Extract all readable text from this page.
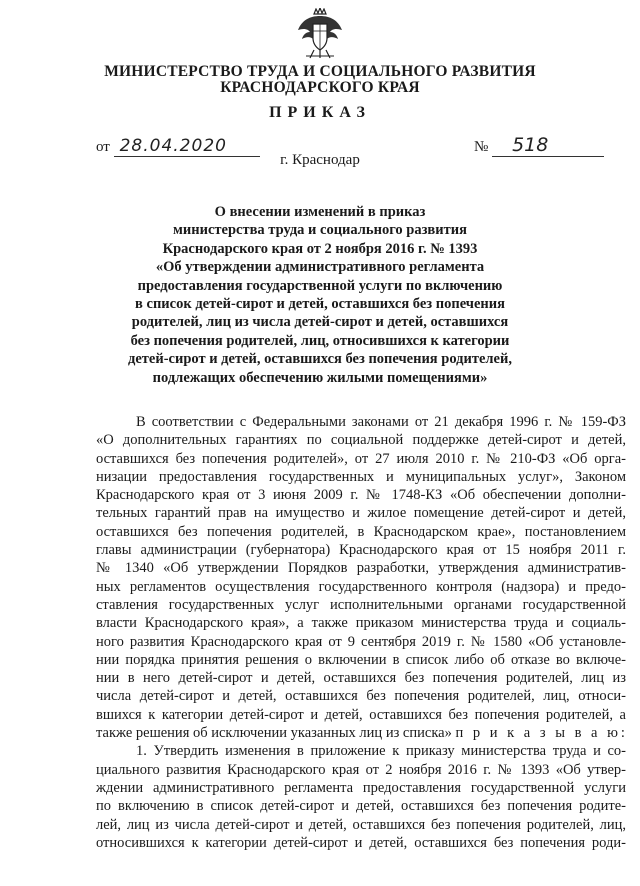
МИНИСТЕРСТВО ТРУДА И СОЦИАЛЬНОГО РАЗВИТИЯ
КРАСНОДАРСКОГО КРАЯ
ПРИКАЗ
от 28.04.2020	№ 518
г. Краснодар
О внесении изменений в приказ
министерства труда и социального развития
Краснодарского края от 2 ноября 2016 г. № 1393
«Об утверждении административного регламента
предоставления государственной услуги по включению
в список детей-сирот и детей, оставшихся без попечения
родителей, лиц из числа детей-сирот и детей, оставшихся
без попечения родителей, лиц, относившихся к категории
детей-сирот и детей, оставшихся без попечения родителей,
подлежащих обеспечению жилыми помещениями»
В соответствии с Федеральными законами от 21 декабря 1996 г. № 159-ФЗ
«О дополнительных гарантиях по социальной поддержке детей-сирот и детей,
оставшихся без попечения родителей», от 27 июля 2010 г. № 210-ФЗ «Об орга-
низации предоставления государственных и муниципальных услуг», Законом
Краснодарского края от 3 июня 2009 г. № 1748-КЗ «Об обеспечении дополни-
тельных гарантий прав на имущество и жилое помещение детей-сирот и детей,
оставшихся без попечения родителей, в Краснодарском крае», постановлением
главы администрации (губернатора) Краснодарского края от 15 ноября 2011 г.
№ 1340 «Об утверждении Порядков разработки, утверждения административ-
ных регламентов осуществления государственного контроля (надзора) и предо-
ставления государственных услуг исполнительными органами государственной
власти Краснодарского края», а также приказом министерства труда и социаль-
ного развития Краснодарского края от 9 сентября 2019 г. № 1580 «Об установле-
нии порядка принятия решения о включении в список либо об отказе во включе-
нии в него детей-сирот и детей, оставшихся без попечения родителей, лиц из
числа детей-сирот и детей, оставшихся без попечения родителей, лиц, относи-
вшихся к категории детей-сирот и детей, оставшихся без попечения родителей, а
также решения об исключении указанных лиц из списка» п р и к а з ы в а ю:
1. Утвердить изменения в приложение к приказу министерства труда и со-
циального развития Краснодарского края от 2 ноября 2016 г. № 1393 «Об утвер-
ждении административного регламента предоставления государственной услуги
по включению в список детей-сирот и детей, оставшихся без попечения родите-
лей, лиц из числа детей-сирот и детей, оставшихся без попечения родителей, лиц,
относившихся к категории детей-сирот и детей, оставшихся без попечения роди-
